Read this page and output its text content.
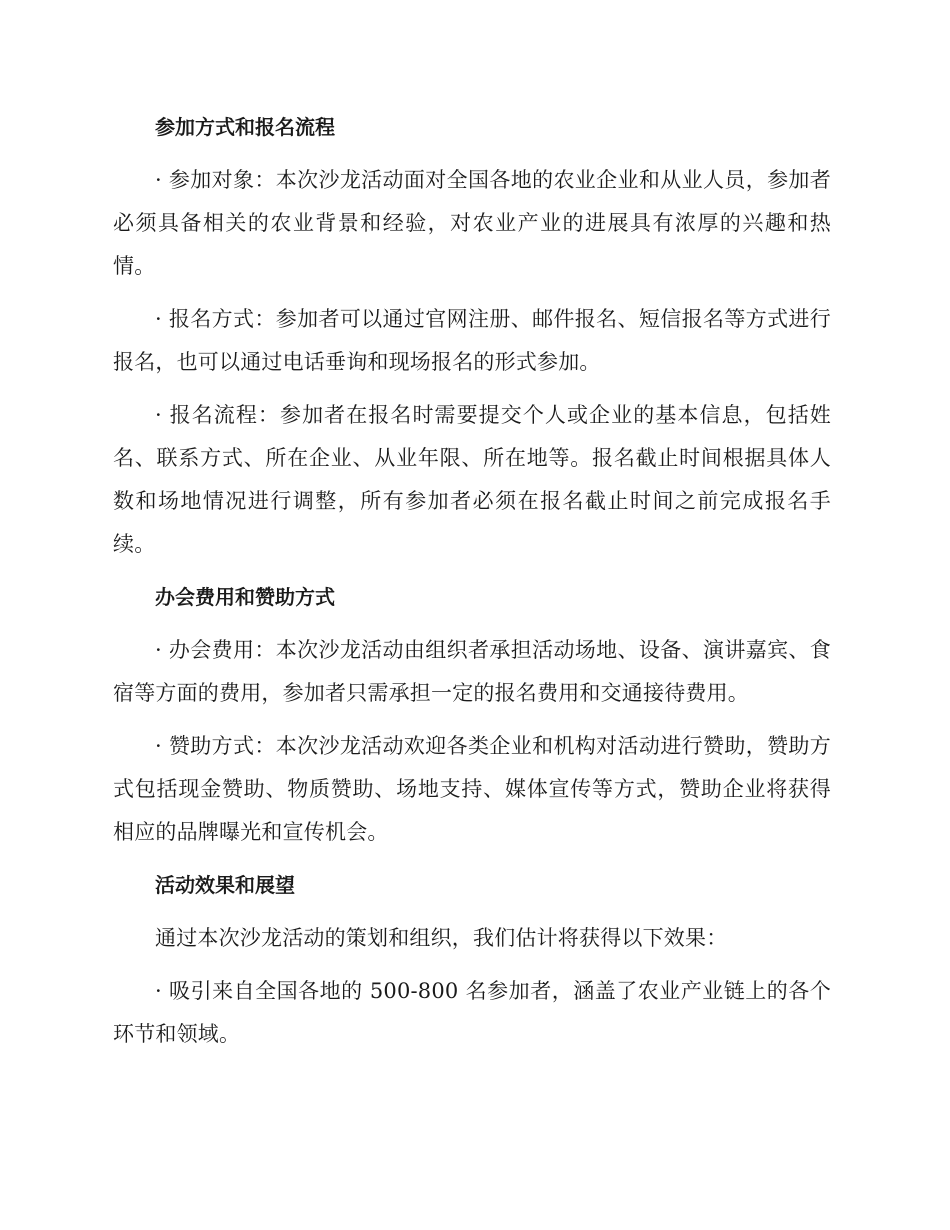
参加方式和报名流程

· 参加对象：本次沙龙活动面对全国各地的农业企业和从业人员，参加者必须具备相关的农业背景和经验，对农业产业的进展具有浓厚的兴趣和热情。

· 报名方式：参加者可以通过官网注册、邮件报名、短信报名等方式进行报名，也可以通过电话垂询和现场报名的形式参加。

· 报名流程：参加者在报名时需要提交个人或企业的基本信息，包括姓名、联系方式、所在企业、从业年限、所在地等。报名截止时间根据具体人数和场地情况进行调整，所有参加者必须在报名截止时间之前完成报名手续。

办会费用和赞助方式

· 办会费用：本次沙龙活动由组织者承担活动场地、设备、演讲嘉宾、食宿等方面的费用，参加者只需承担一定的报名费用和交通接待费用。

· 赞助方式：本次沙龙活动欢迎各类企业和机构对活动进行赞助，赞助方式包括现金赞助、物质赞助、场地支持、媒体宣传等方式，赞助企业将获得相应的品牌曝光和宣传机会。

活动效果和展望

通过本次沙龙活动的策划和组织，我们估计将获得以下效果：

· 吸引来自全国各地的 500-800 名参加者，涵盖了农业产业链上的各个环节和领域。
